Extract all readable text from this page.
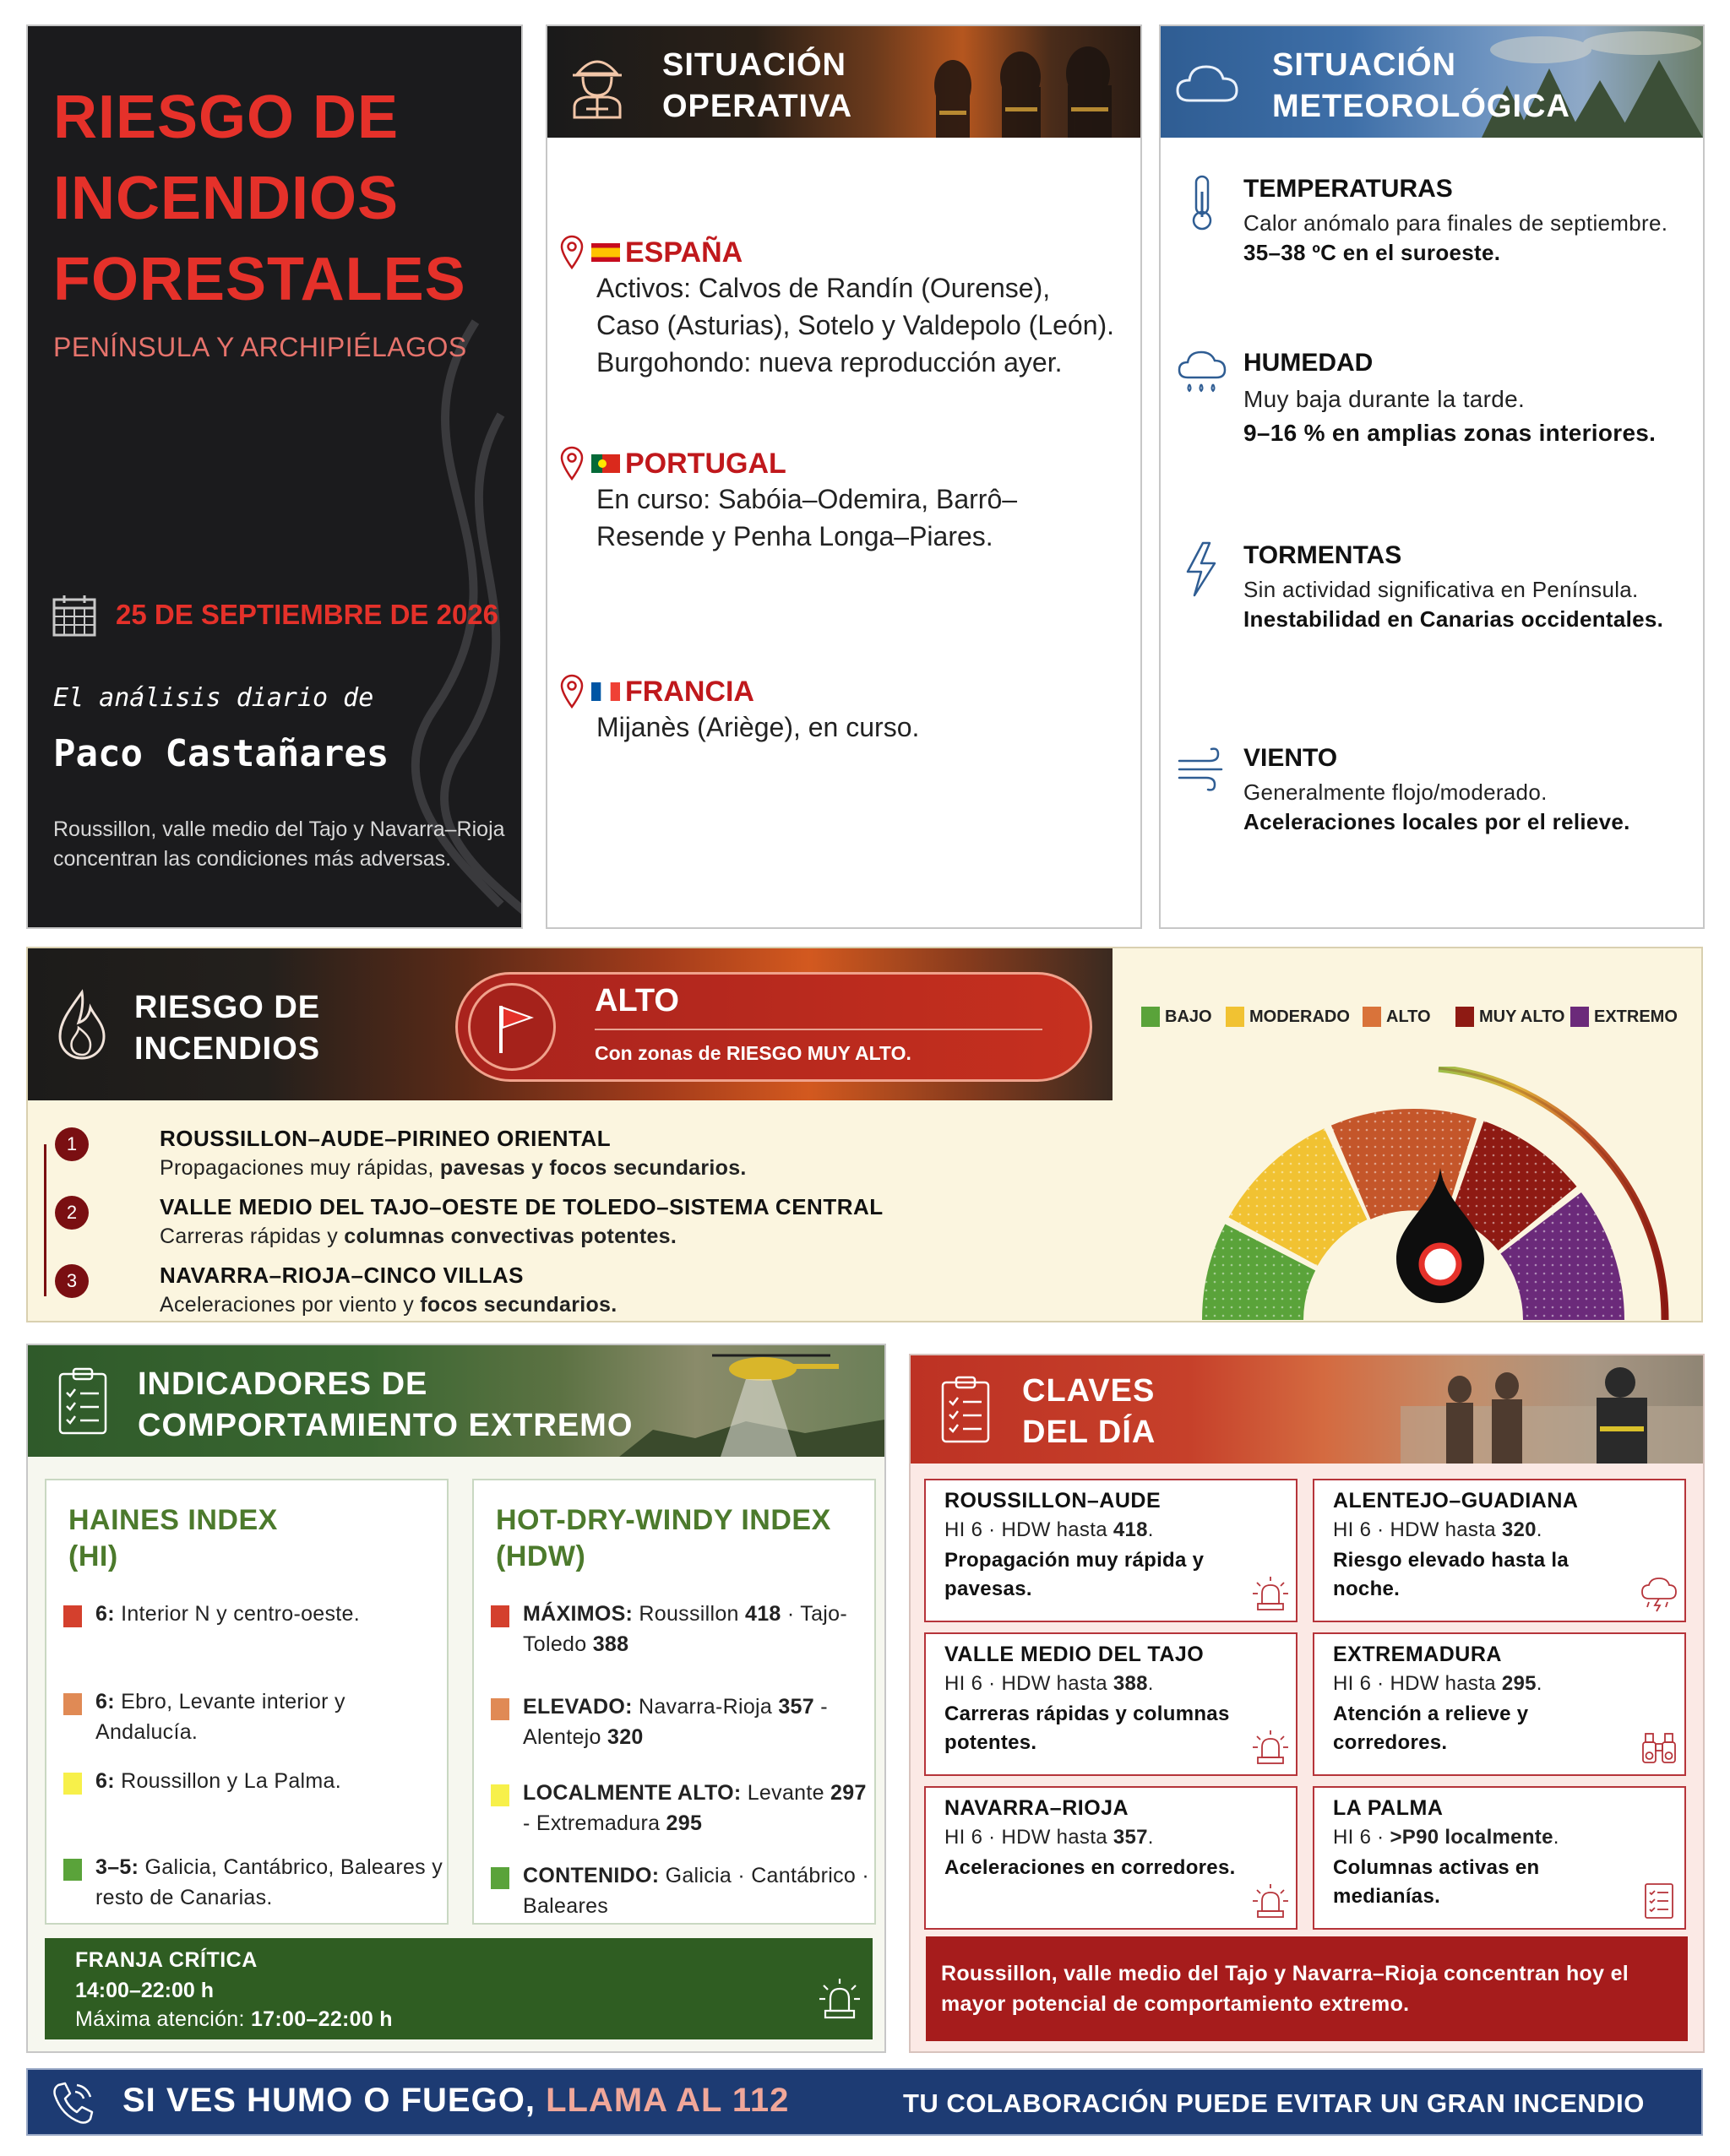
RIESGO DE
INCENDIOS
FORESTALES
PENÍNSULA Y ARCHIPIÉLAGOS
25 DE SEPTIEMBRE DE 2026
El análisis diario de
Paco Castañares
Roussillon, valle medio del Tajo y Navarra–Rioja concentran las condiciones más adversas.
SITUACIÓN
OPERATIVA
ESPAÑA
Activos: Calvos de Randín (Ourense), Caso (Asturias), Sotelo y Valdepolo (León). Burgohondo: nueva reproducción ayer.
PORTUGAL
En curso: Sabóia–Odemira, Barrô–Resende y Penha Longa–Piares.
FRANCIA
Mijanès (Ariège), en curso.
SITUACIÓN
METEOROLÓGICA
TEMPERATURAS
Calor anómalo para finales de septiembre.
35–38 ºC en el suroeste.
HUMEDAD
Muy baja durante la tarde.
9–16 % en amplias zonas interiores.
TORMENTAS
Sin actividad significativa en Península.
Inestabilidad en Canarias occidentales.
VIENTO
Generalmente flojo/moderado.
Aceleraciones locales por el relieve.
RIESGO DE
INCENDIOS
ALTO
Con zonas de RIESGO MUY ALTO.
BAJO	MODERADO	ALTO	MUY ALTO	EXTREMO
1	ROUSSILLON–AUDE–PIRINEO ORIENTAL
Propagaciones muy rápidas, pavesas y focos secundarios.
2	VALLE MEDIO DEL TAJO–OESTE DE TOLEDO–SISTEMA CENTRAL
Carreras rápidas y columnas convectivas potentes.
3	NAVARRA–RIOJA–CINCO VILLAS
Aceleraciones por viento y focos secundarios.
INDICADORES DE
COMPORTAMIENTO EXTREMO
HAINES INDEX
(HI)
6: Interior N y centro-oeste.
6: Ebro, Levante interior y Andalucía.
6: Roussillon y La Palma.
3–5: Galicia, Cantábrico, Baleares y resto de Canarias.
HOT-DRY-WINDY INDEX
(HDW)
MÁXIMOS: Roussillon 418 · Tajo-Toledo 388
ELEVADO: Navarra-Rioja 357 - Alentejo 320
LOCALMENTE ALTO: Levante 297 - Extremadura 295
CONTENIDO: Galicia · Cantábrico · Baleares
FRANJA CRÍTICA
14:00–22:00 h
Máxima atención: 17:00–22:00 h
CLAVES
DEL DÍA
ROUSSILLON–AUDE
HI 6 · HDW hasta 418.
Propagación muy rápida y pavesas.
ALENTEJO–GUADIANA
HI 6 · HDW hasta 320.
Riesgo elevado hasta la noche.
VALLE MEDIO DEL TAJO
HI 6 · HDW hasta 388.
Carreras rápidas y columnas potentes.
EXTREMADURA
HI 6 · HDW hasta 295.
Atención a relieve y corredores.
NAVARRA–RIOJA
HI 6 · HDW hasta 357.
Aceleraciones en corredores.
LA PALMA
HI 6 · >P90 localmente.
Columnas activas en medianías.
Roussillon, valle medio del Tajo y Navarra–Rioja concentran hoy el mayor potencial de comportamiento extremo.
SI VES HUMO O FUEGO, LLAMA AL 112	TU COLABORACIÓN PUEDE EVITAR UN GRAN INCENDIO
